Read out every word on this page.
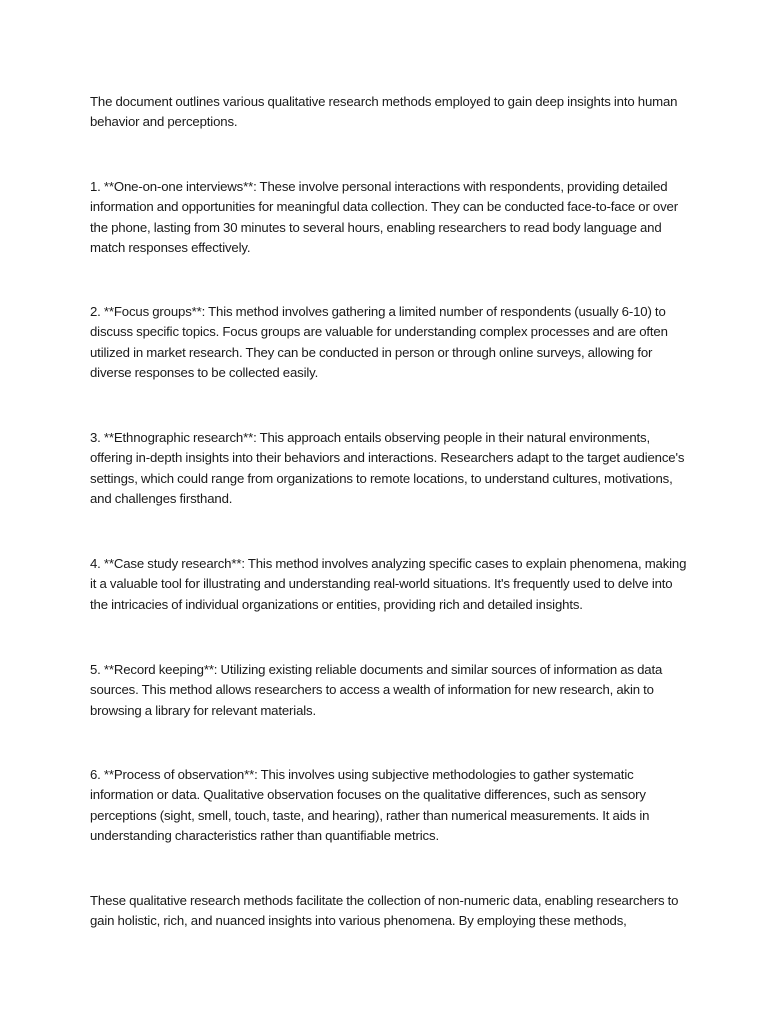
The document outlines various qualitative research methods employed to gain deep insights into human behavior and perceptions.

1. **One-on-one interviews**: These involve personal interactions with respondents, providing detailed information and opportunities for meaningful data collection. They can be conducted face-to-face or over the phone, lasting from 30 minutes to several hours, enabling researchers to read body language and match responses effectively.

2. **Focus groups**: This method involves gathering a limited number of respondents (usually 6-10) to discuss specific topics. Focus groups are valuable for understanding complex processes and are often utilized in market research. They can be conducted in person or through online surveys, allowing for diverse responses to be collected easily.

3. **Ethnographic research**: This approach entails observing people in their natural environments, offering in-depth insights into their behaviors and interactions. Researchers adapt to the target audience's settings, which could range from organizations to remote locations, to understand cultures, motivations, and challenges firsthand.

4. **Case study research**: This method involves analyzing specific cases to explain phenomena, making it a valuable tool for illustrating and understanding real-world situations. It's frequently used to delve into the intricacies of individual organizations or entities, providing rich and detailed insights.

5. **Record keeping**: Utilizing existing reliable documents and similar sources of information as data sources. This method allows researchers to access a wealth of information for new research, akin to browsing a library for relevant materials.

6. **Process of observation**: This involves using subjective methodologies to gather systematic information or data. Qualitative observation focuses on the qualitative differences, such as sensory perceptions (sight, smell, touch, taste, and hearing), rather than numerical measurements. It aids in understanding characteristics rather than quantifiable metrics.

These qualitative research methods facilitate the collection of non-numeric data, enabling researchers to gain holistic, rich, and nuanced insights into various phenomena. By employing these methods,
